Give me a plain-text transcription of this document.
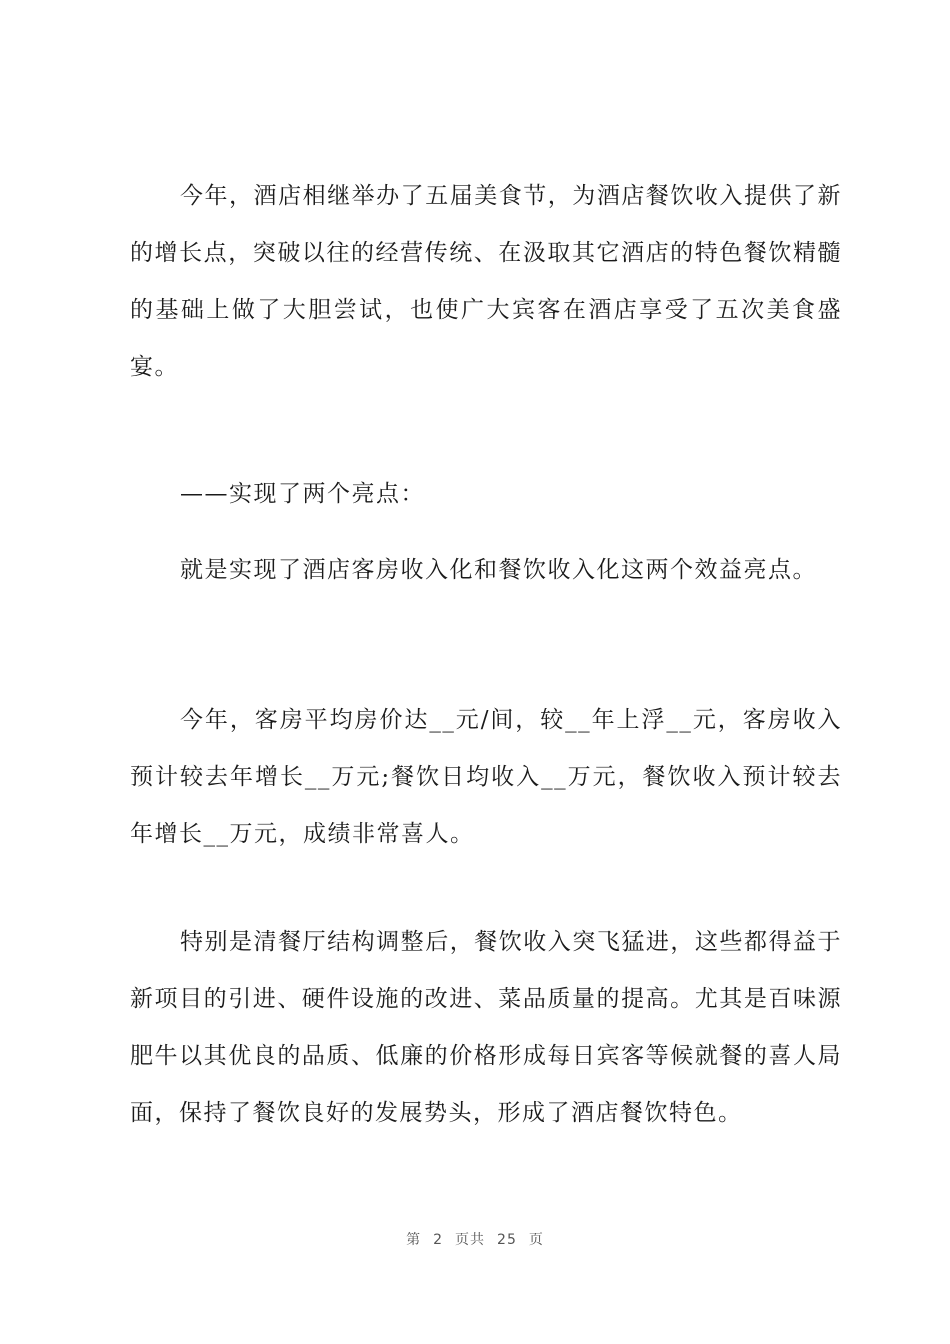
今年，酒店相继举办了五届美食节，为酒店餐饮收入提供了新的增长点，突破以往的经营传统、在汲取其它酒店的特色餐饮精髓的基础上做了大胆尝试，也使广大宾客在酒店享受了五次美食盛宴。

——实现了两个亮点：

就是实现了酒店客房收入化和餐饮收入化这两个效益亮点。

今年，客房平均房价达__元/间，较__年上浮__元，客房收入预计较去年增长__万元;餐饮日均收入__万元，餐饮收入预计较去年增长__万元，成绩非常喜人。

特别是清餐厅结构调整后，餐饮收入突飞猛进，这些都得益于新项目的引进、硬件设施的改进、菜品质量的提高。尤其是百味源肥牛以其优良的品质、低廉的价格形成每日宾客等候就餐的喜人局面，保持了餐饮良好的发展势头，形成了酒店餐饮特色。

第 2 页共 25 页
